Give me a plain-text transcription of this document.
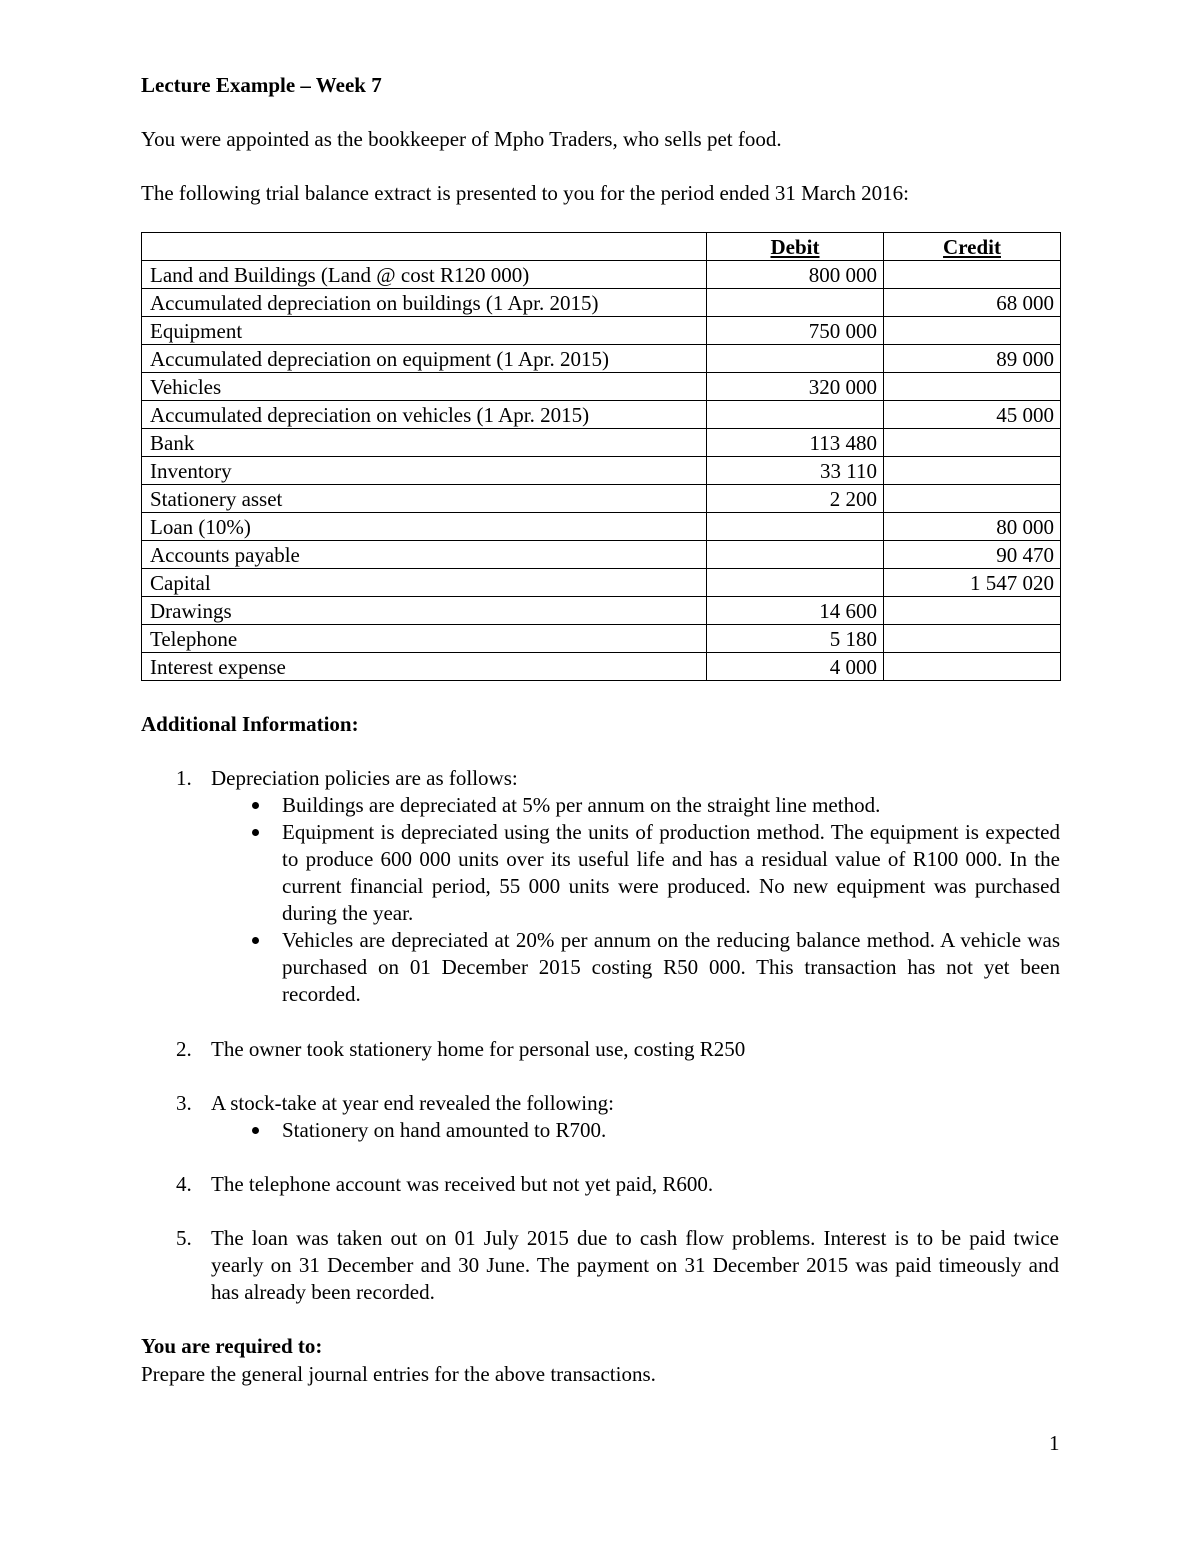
Lecture Example – Week 7
You were appointed as the bookkeeper of Mpho Traders, who sells pet food.
The following trial balance extract is presented to you for the period ended 31 March 2016:
	Debit	Credit
Land and Buildings (Land @ cost R120 000)	800 000	
Accumulated depreciation on buildings (1 Apr. 2015)		68 000
Equipment	750 000	
Accumulated depreciation on equipment (1 Apr. 2015)		89 000
Vehicles	320 000	
Accumulated depreciation on vehicles (1 Apr. 2015)		45 000
Bank	113 480	
Inventory	33 110	
Stationery asset	2 200	
Loan (10%)		80 000
Accounts payable		90 470
Capital		1 547 020
Drawings	14 600	
Telephone	5 180	
Interest expense	4 000	
Additional Information:
1. Depreciation policies are as follows:
Buildings are depreciated at 5% per annum on the straight line method.
Equipment is depreciated using the units of production method. The equipment is expected to produce 600 000 units over its useful life and has a residual value of R100 000. In the current financial period, 55 000 units were produced. No new equipment was purchased during the year.
Vehicles are depreciated at 20% per annum on the reducing balance method. A vehicle was purchased on 01 December 2015 costing R50 000. This transaction has not yet been recorded.
2. The owner took stationery home for personal use, costing R250
3. A stock-take at year end revealed the following:
Stationery on hand amounted to R700.
4. The telephone account was received but not yet paid, R600.
5. The loan was taken out on 01 July 2015 due to cash flow problems. Interest is to be paid twice yearly on 31 December and 30 June. The payment on 31 December 2015 was paid timeously and has already been recorded.
You are required to:
Prepare the general journal entries for the above transactions.
1
